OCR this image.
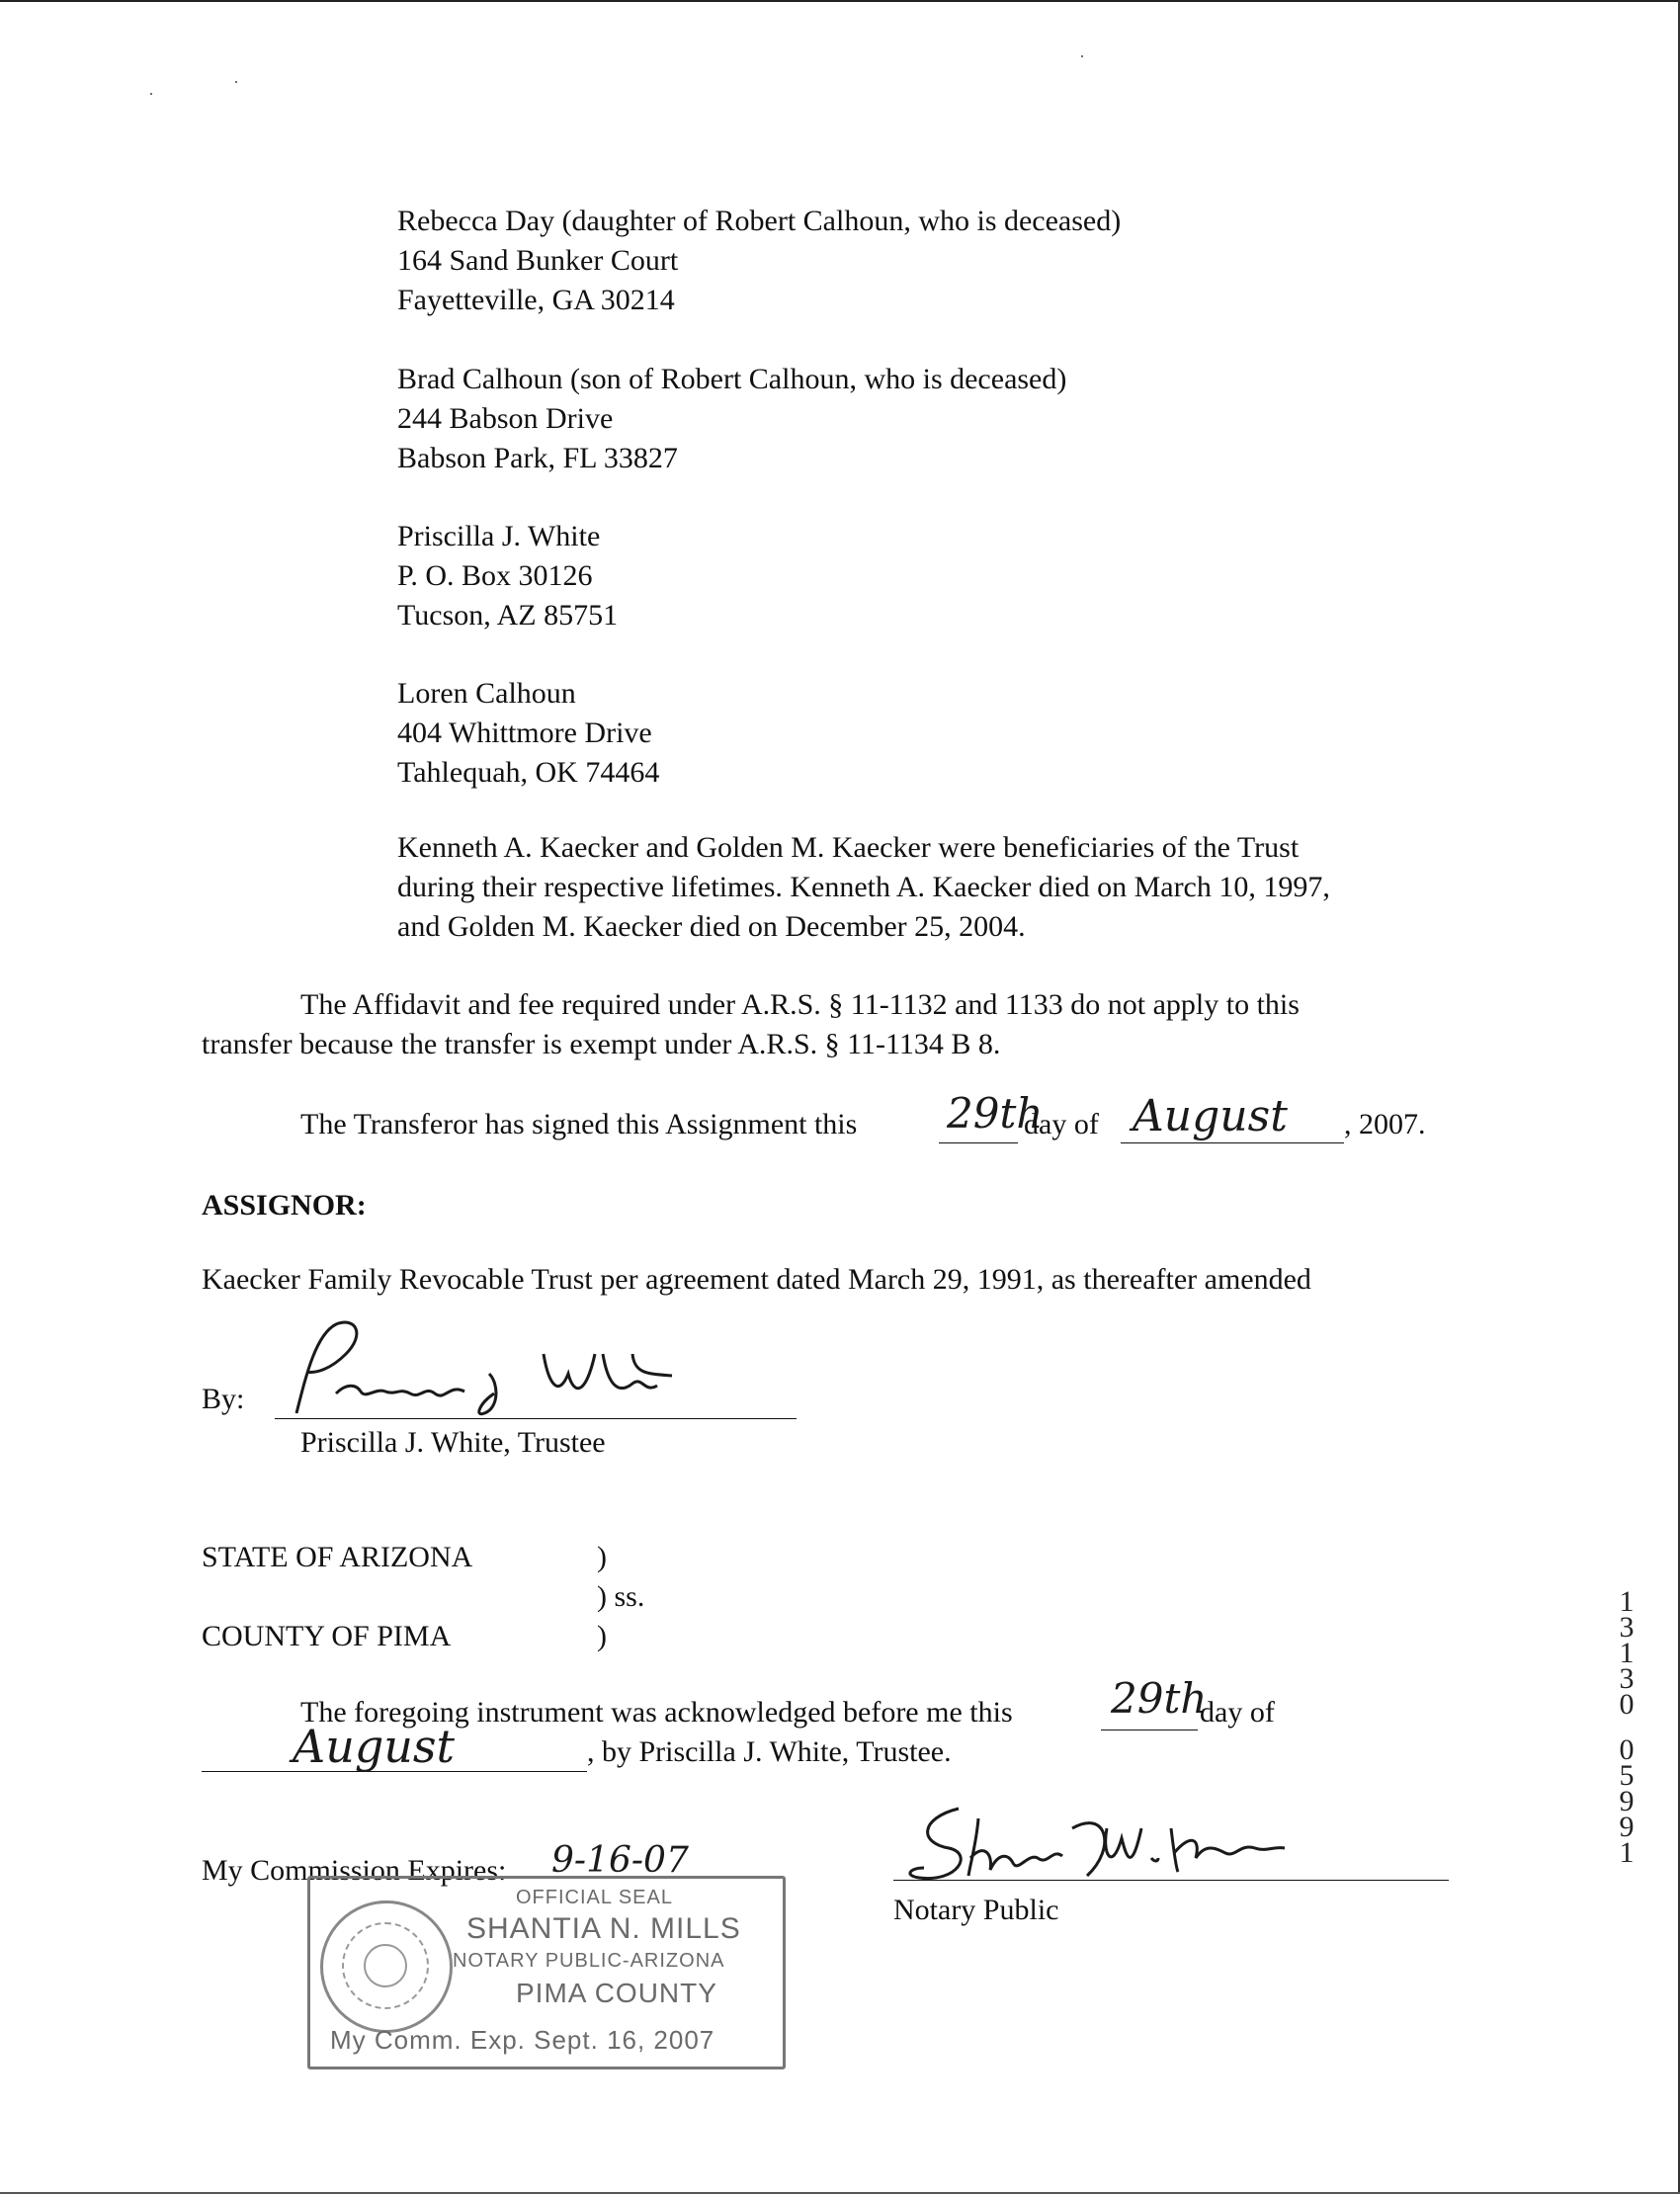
Rebecca Day (daughter of Robert Calhoun, who is deceased)
164 Sand Bunker Court
Fayetteville, GA 30214
Brad Calhoun (son of Robert Calhoun, who is deceased)
244 Babson Drive
Babson Park, FL 33827
Priscilla J. White
P. O. Box 30126
Tucson, AZ 85751
Loren Calhoun
404 Whittmore Drive
Tahlequah, OK 74464
Kenneth A. Kaecker and Golden M. Kaecker were beneficiaries of the Trust
during their respective lifetimes. Kenneth A. Kaecker died on March 10, 1997,
and Golden M. Kaecker died on December 25, 2004.
The Affidavit and fee required under A.R.S. § 11-1132 and 1133 do not apply to this
transfer because the transfer is exempt under A.R.S. § 11-1134 B 8.
The Transferor has signed this Assignment this 29th
day of August , 2007.
ASSIGNOR:
Kaecker Family Revocable Trust per agreement dated March 29, 1991, as thereafter amended
By:
Priscilla J. White, Trustee
STATE OF ARIZONA	)
) ss.
COUNTY OF PIMA	)
The foregoing instrument was acknowledged before me this 29th
day of
August	, by Priscilla J. White, Trustee.
My Commission Expires: 9-16-07
Notary Public
OFFICIAL SEAL
SHANTIA N. MILLS
NOTARY PUBLIC-ARIZONA
PIMA COUNTY
My Comm. Exp. Sept. 16, 2007
1
3
1
3
0
0
5
9
9
1
